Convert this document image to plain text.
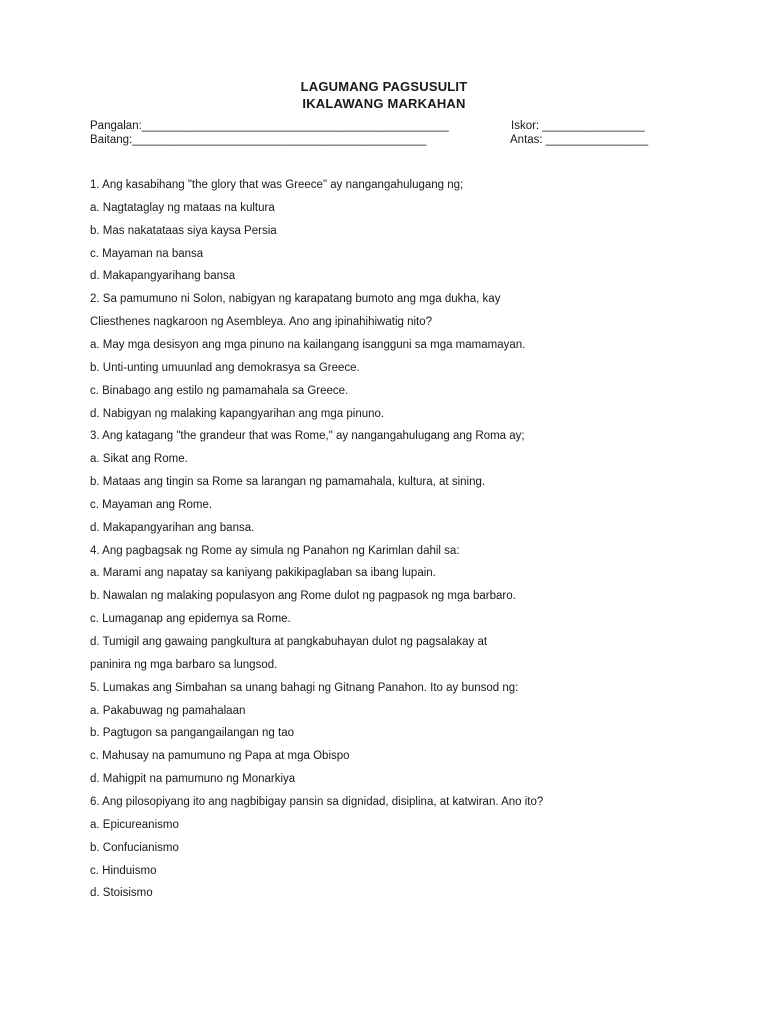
LAGUMANG PAGSUSULIT
IKALAWANG MARKAHAN
Pangalan:________________________________________________	Iskor: ________________
Baitang:______________________________________________	Antas: ________________
1. Ang kasabihang "the glory that was Greece" ay nangangahulugang ng;
a. Nagtataglay ng mataas na kultura
b. Mas nakatataas siya kaysa Persia
c. Mayaman na bansa
d. Makapangyarihang bansa
2. Sa pamumuno ni Solon, nabigyan ng karapatang bumoto ang mga dukha, kay
Cliesthenes nagkaroon ng Asembleya. Ano ang ipinahihiwatig nito?
a. May mga desisyon ang mga pinuno na kailangang isangguni sa mga mamamayan.
b. Unti-unting umuunlad ang demokrasya sa Greece.
c. Binabago ang estilo ng pamamahala sa Greece.
d. Nabigyan ng malaking kapangyarihan ang mga pinuno.
3. Ang katagang "the grandeur that was Rome," ay nangangahulugang ang Roma ay;
a. Sikat ang Rome.
b. Mataas ang tingin sa Rome sa larangan ng pamamahala, kultura, at sining.
c. Mayaman ang Rome.
d. Makapangyarihan ang bansa.
4. Ang pagbagsak ng Rome ay simula ng Panahon ng Karimlan dahil sa:
a. Marami ang napatay sa kaniyang pakikipaglaban sa ibang lupain.
b. Nawalan ng malaking populasyon ang Rome dulot ng pagpasok ng mga barbaro.
c. Lumaganap ang epidemya sa Rome.
d. Tumigil ang gawaing pangkultura at pangkabuhayan dulot ng pagsalakay at
paninira ng mga barbaro sa lungsod.
5. Lumakas ang Simbahan sa unang bahagi ng Gitnang Panahon. Ito ay bunsod ng:
a. Pakabuwag ng pamahalaan
b. Pagtugon sa pangangailangan ng tao
c. Mahusay na pamumuno ng Papa at mga Obispo
d. Mahigpit na pamumuno ng Monarkiya
6. Ang pilosopiyang ito ang nagbibigay pansin sa dignidad, disiplina, at katwiran. Ano ito?
a. Epicureanismo
b. Confucianismo
c. Hinduismo
d. Stoisismo
